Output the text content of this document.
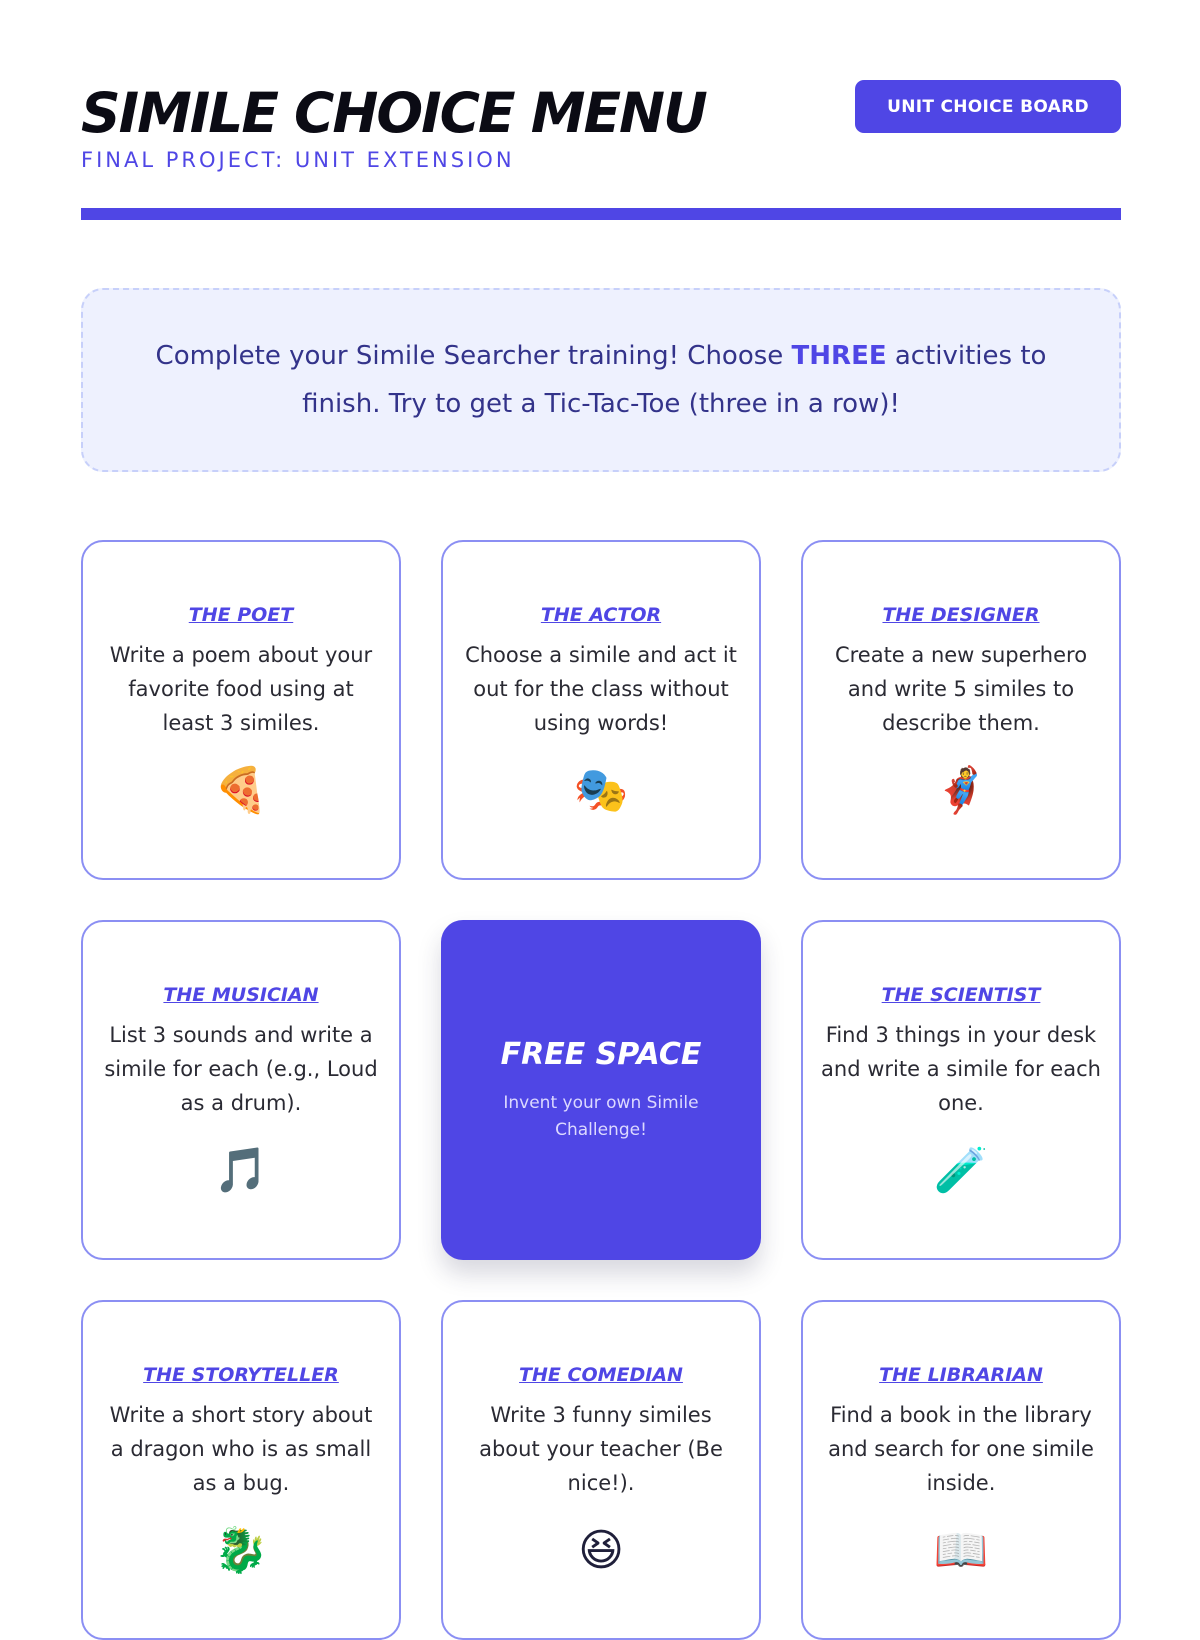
SIMILE CHOICE MENU
FINAL PROJECT: UNIT EXTENSION
UNIT CHOICE BOARD

Complete your Simile Searcher training! Choose THREE activities to finish. Try to get a Tic-Tac-Toe (three in a row)!

THE POET
Write a poem about your favorite food using at least 3 similes.
🍕
THE ACTOR
Choose a simile and act it out for the class without using words!
🎭
THE DESIGNER
Create a new superhero and write 5 similes to describe them.
🦸
THE MUSICIAN
List 3 sounds and write a simile for each (e.g., Loud as a drum).
🎵
FREE SPACE
Invent your own Simile Challenge!
THE SCIENTIST
Find 3 things in your desk and write a simile for each one.
🧪
THE STORYTELLER
Write a short story about a dragon who is as small as a bug.
🐉
THE COMEDIAN
Write 3 funny similes about your teacher (Be nice!).
😆
THE LIBRARIAN
Find a book in the library and search for one simile inside.
📖
